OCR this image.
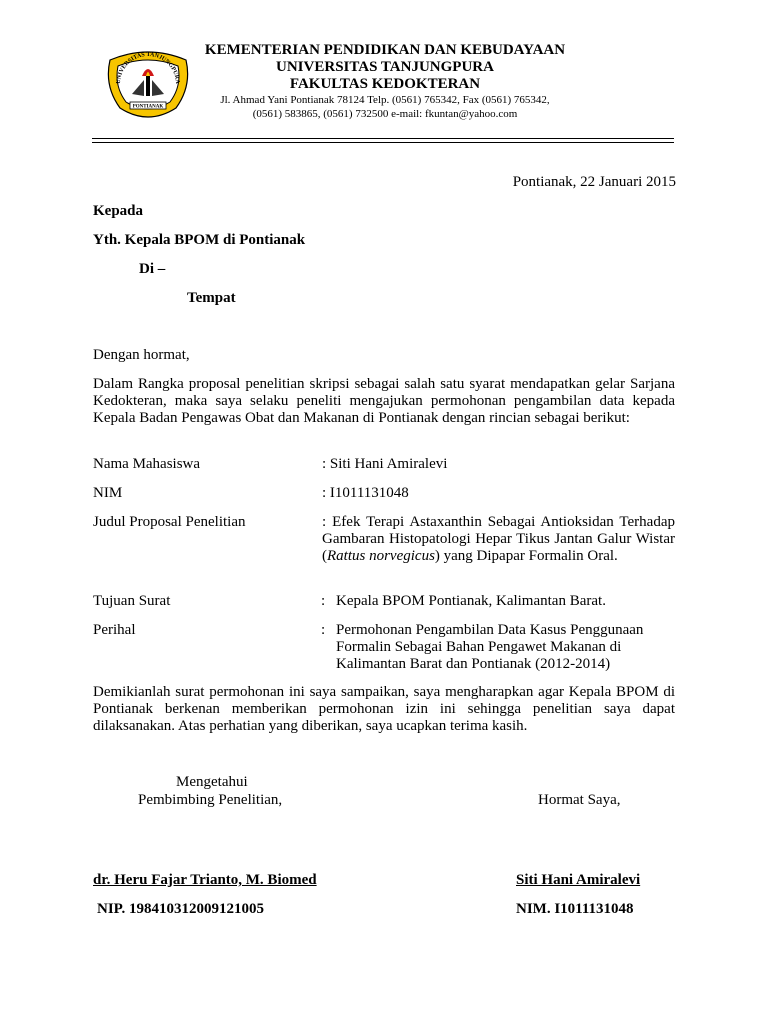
UNIVERSITAS TANJUNGPURA
PONTIANAK
KEMENTERIAN PENDIDIKAN DAN KEBUDAYAAN
UNIVERSITAS TANJUNGPURA
FAKULTAS KEDOKTERAN
Jl. Ahmad Yani Pontianak 78124 Telp. (0561) 765342, Fax (0561) 765342,
(0561) 583865, (0561) 732500 e-mail: fkuntan@yahoo.com
Pontianak, 22 Januari 2015
Kepada
Yth. Kepala BPOM di Pontianak
Di –
Tempat
Dengan hormat,
Dalam Rangka proposal penelitian skripsi sebagai salah satu syarat mendapatkan gelar Sarjana Kedokteran, maka saya selaku peneliti mengajukan permohonan pengambilan data kepada Kepala Badan Pengawas Obat dan Makanan di Pontianak dengan rincian sebagai berikut:
Nama Mahasiswa	: Siti Hani Amiralevi
NIM	: I1011131048
Judul Proposal Penelitian	: Efek Terapi Astaxanthin Sebagai Antioksidan Terhadap Gambaran Histopatologi Hepar Tikus Jantan Galur Wistar (Rattus norvegicus) yang Dipapar Formalin Oral.
Tujuan Surat	: Kepala BPOM Pontianak, Kalimantan Barat.
Perihal	: Permohonan Pengambilan Data Kasus Penggunaan
Formalin Sebagai Bahan Pengawet Makanan di
Kalimantan Barat dan Pontianak (2012-2014)
Demikianlah surat permohonan ini saya sampaikan, saya mengharapkan agar Kepala BPOM di Pontianak berkenan memberikan permohonan izin ini sehingga penelitian saya dapat dilaksanakan. Atas perhatian yang diberikan, saya ucapkan terima kasih.
Mengetahui
Pembimbing Penelitian,	Hormat Saya,
dr. Heru Fajar Trianto, M. Biomed	Siti Hani Amiralevi
NIP. 198410312009121005	NIM. I1011131048
